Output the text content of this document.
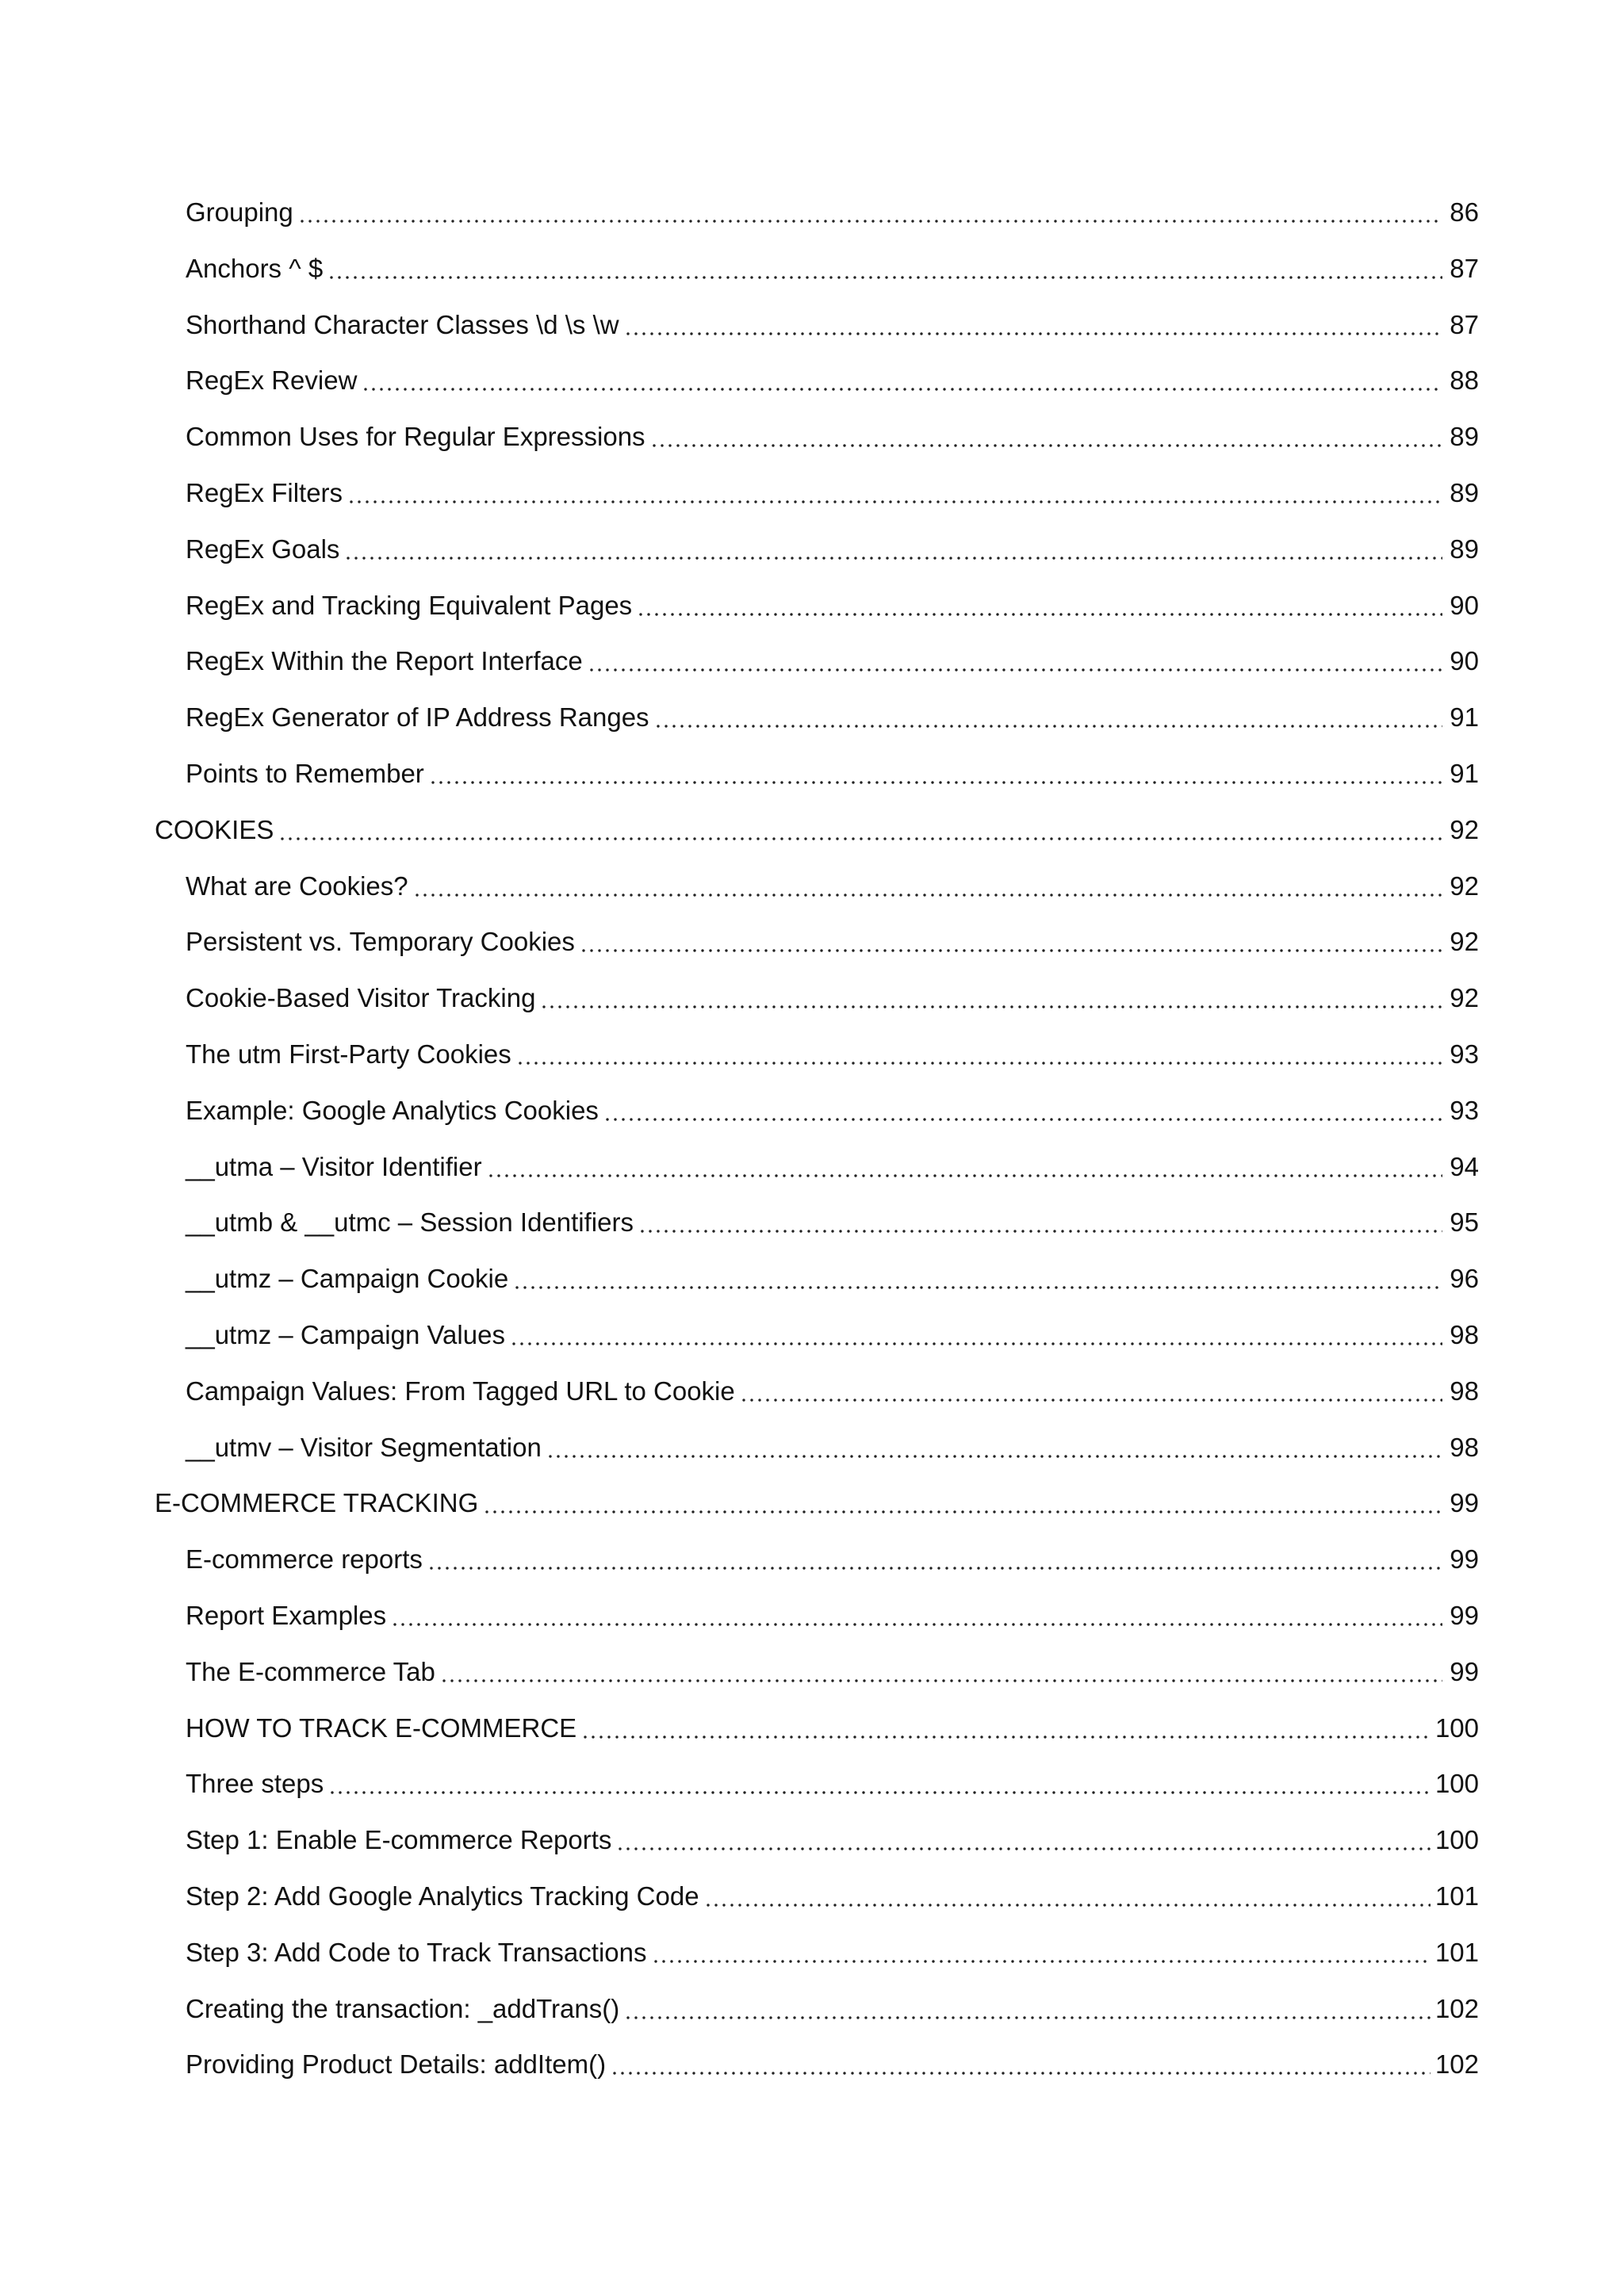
Grouping	86
Anchors ^ $	87
Shorthand Character Classes \d \s \w	87
RegEx Review	88
Common Uses for Regular Expressions	89
RegEx Filters	89
RegEx Goals	89
RegEx and Tracking Equivalent Pages	90
RegEx Within the Report Interface	90
RegEx Generator of IP Address Ranges	91
Points to Remember	91
COOKIES	92
What are Cookies?	92
Persistent vs. Temporary Cookies	92
Cookie-Based Visitor Tracking	92
The utm First-Party Cookies	93
Example: Google Analytics Cookies	93
__utma – Visitor Identifier	94
__utmb & __utmc – Session Identifiers	95
__utmz – Campaign Cookie	96
__utmz – Campaign Values	98
Campaign Values: From Tagged URL to Cookie	98
__utmv – Visitor Segmentation	98
E-COMMERCE TRACKING	99
E-commerce reports	99
Report Examples	99
The E-commerce Tab	99
HOW TO TRACK E-COMMERCE	100
Three steps	100
Step 1: Enable E-commerce Reports	100
Step 2: Add Google Analytics Tracking Code	101
Step 3: Add Code to Track Transactions	101
Creating the transaction: _addTrans()	102
Providing Product Details: addItem()	102
